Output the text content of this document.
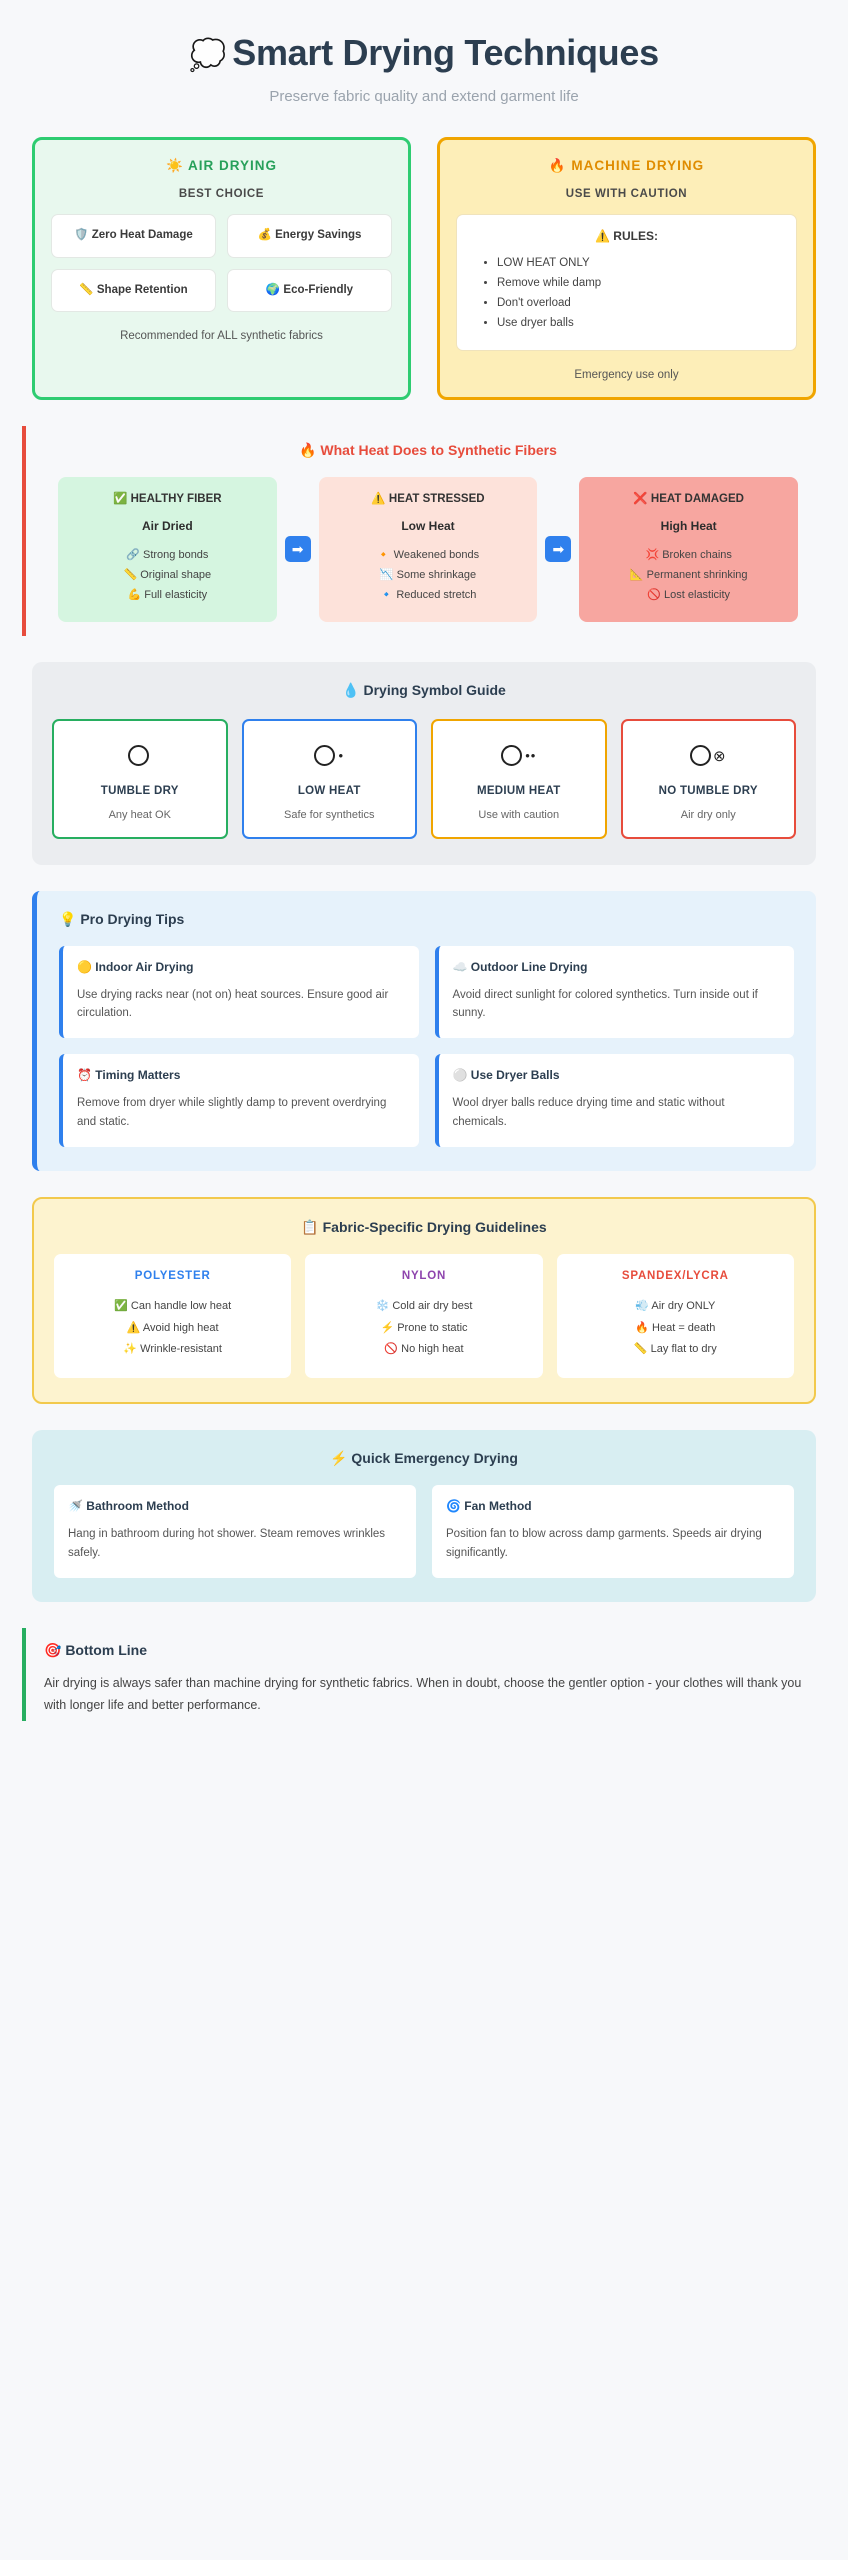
💭 Smart Drying Techniques
Preserve fabric quality and extend garment life
☀️ AIR DRYING
BEST CHOICE
🛡️ Zero Heat Damage	💰 Energy Savings
📏 Shape Retention	🌍 Eco-Friendly
Recommended for ALL synthetic fabrics
🔥 MACHINE DRYING
USE WITH CAUTION
⚠️ RULES:
• LOW HEAT ONLY
• Remove while damp
• Don't overload
• Use dryer balls
Emergency use only
🔥 What Heat Does to Synthetic Fibers
✅ HEALTHY FIBER
Air Dried
🔗 Strong bonds
📏 Original shape
💪 Full elasticity
➡
⚠️ HEAT STRESSED
Low Heat
🔸 Weakened bonds
📉 Some shrinkage
🔹 Reduced stretch
➡
❌ HEAT DAMAGED
High Heat
💢 Broken chains
📐 Permanent shrinking
🚫 Lost elasticity
💧 Drying Symbol Guide
TUMBLE DRY
Any heat OK
•
LOW HEAT
Safe for synthetics
••
MEDIUM HEAT
Use with caution
⊗
NO TUMBLE DRY
Air dry only
💡 Pro Drying Tips
🟡 Indoor Air Drying
Use drying racks near (not on) heat sources. Ensure good air circulation.
☁️ Outdoor Line Drying
Avoid direct sunlight for colored synthetics. Turn inside out if sunny.
⏰ Timing Matters
Remove from dryer while slightly damp to prevent overdrying and static.
⚪ Use Dryer Balls
Wool dryer balls reduce drying time and static without chemicals.
📋 Fabric-Specific Drying Guidelines
POLYESTER
✅ Can handle low heat
⚠️ Avoid high heat
✨ Wrinkle-resistant
NYLON
❄️ Cold air dry best
⚡ Prone to static
🚫 No high heat
SPANDEX/LYCRA
💨 Air dry ONLY
🔥 Heat = death
📏 Lay flat to dry
⚡ Quick Emergency Drying
🚿 Bathroom Method
Hang in bathroom during hot shower. Steam removes wrinkles safely.
🌀 Fan Method
Position fan to blow across damp garments. Speeds air drying significantly.
🎯 Bottom Line
Air drying is always safer than machine drying for synthetic fabrics. When in doubt, choose the gentler option - your clothes will thank you with longer life and better performance.
